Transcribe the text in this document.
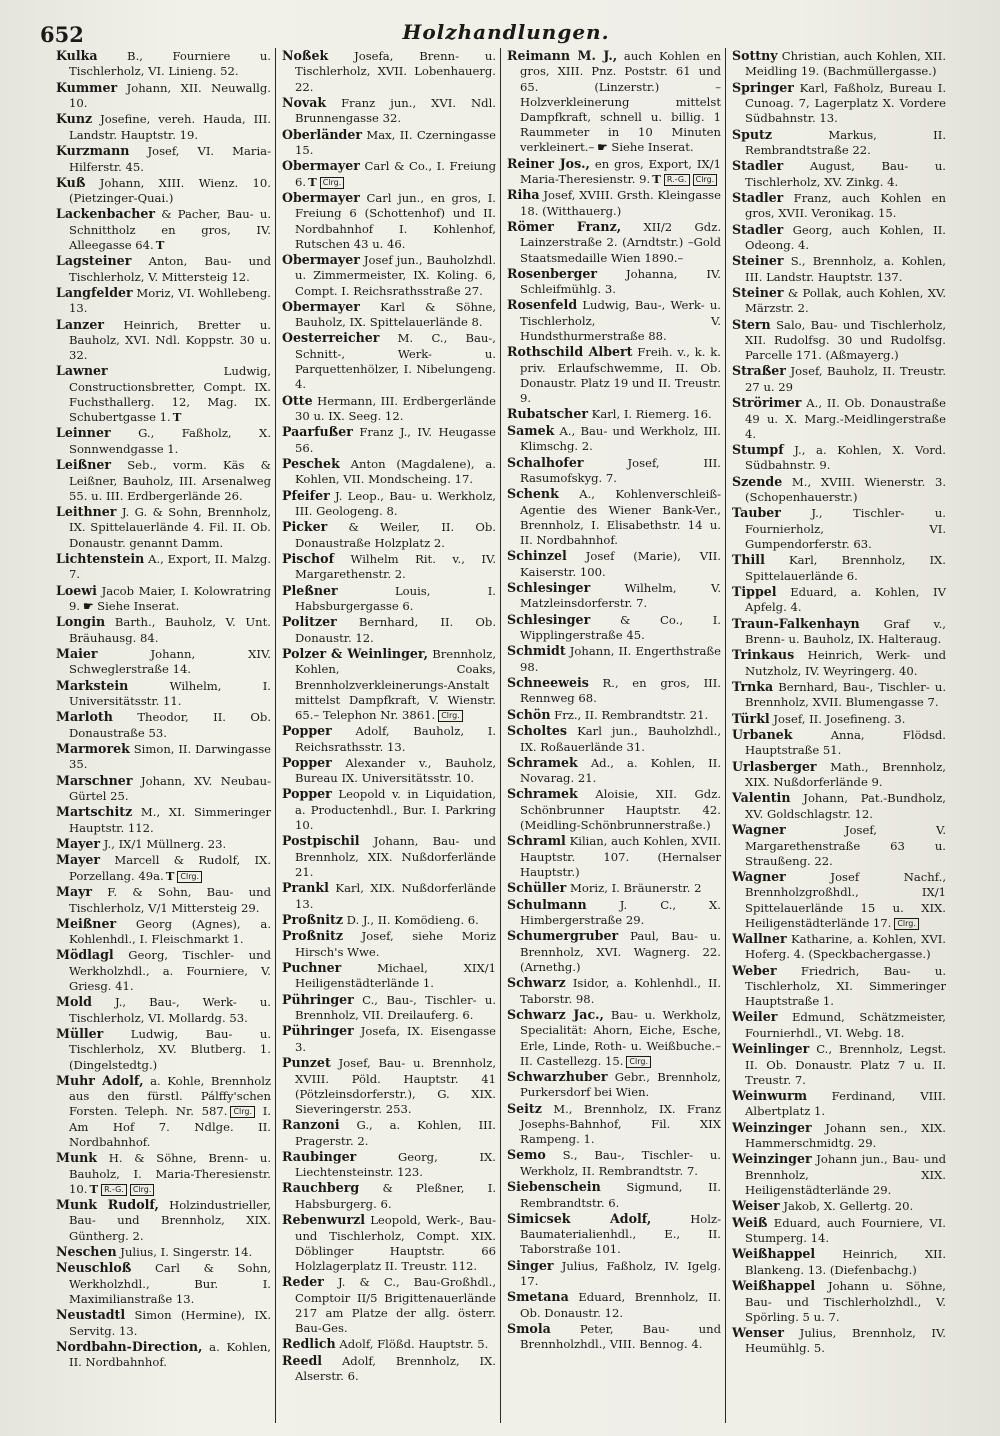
652	Holzhandlungen.
Kulka	B., Fourniere u. Tischlerholz, VI. Linieng. 52.
Kummer Johann, XII. Neuwallg. 10.
Kunz Josefine, vereh. Hauda, III. Landstr. Hauptstr. 19.
Kurzmann Josef, VI. Maria-Hilferstr. 45.
Kuß Johann, XIII. Wienz. 10. (Pietzinger-Quai.)
Lackenbacher & Pacher, Bau- u. Schnittholz en gros, IV. Alleegasse 64. T
Lagsteiner Anton, Bau- und Tischlerholz, V. Mittersteig 12.
Langfelder Moriz, VI. Wohllebeng. 13.
Lanzer Heinrich, Bretter u. Bauholz, XVI. Ndl. Koppstr. 30 u. 32.
Lawner	Ludwig, Constructionsbretter, Compt. IX. Fuchsthallerg. 12, Mag. IX. Schubertgasse 1. T
Leinner G., Faßholz, X. Sonnwendgasse 1.
Leißner Seb., vorm. Käs & Leißner, Bauholz, III. Arsenalweg 55. u. III. Erdbergerlände 26.
Leithner J. G. & Sohn, Brennholz, IX. Spittelauerlände 4. Fil. II. Ob. Donaustr. genannt Damm.
Lichtenstein A., Export, II. Malzg. 7.
Loewi Jacob Maier, I. Kolowratring 9. ☛ Siehe Inserat.
Longin Barth., Bauholz, V. Unt. Bräuhausg. 84.
Maier	Johann, XIV. Schweglerstraße 14.
Markstein	Wilhelm, I. Universitätsstr. 11.
Marloth Theodor, II. Ob. Donaustraße 53.
Marmorek Simon, II. Darwingasse 35.
Marschner Johann, XV. Neubau-Gürtel 25.
Martschitz M., XI. Simmeringer Hauptstr. 112.
Mayer J., IX/1 Müllnerg. 23.
Mayer Marcell & Rudolf, IX. Porzellang. 49a. T Clrg.
Mayr F. & Sohn, Bau- und Tischlerholz, V/1 Mittersteig 29.
Meißner Georg (Agnes), a. Kohlenhdl., I. Fleischmarkt 1.
Mödlagl Georg, Tischler- und Werkholzhdl., a. Fourniere, V. Griesg. 41.
Mold J., Bau-, Werk- u. Tischlerholz, VI. Mollardg. 53.
Müller Ludwig, Bau- u. Tischlerholz, XV. Blutberg. 1. (Dingelstedtg.)
Muhr Adolf, a. Kohle, Brennholz aus den fürstl. Pálffy'schen Forsten. Teleph. Nr. 587. Clrg. I. Am Hof 7. Ndlge. II. Nordbahnhof.
Munk H. & Söhne, Brenn- u. Bauholz, I. Maria-Theresienstr. 10. T R.-G. Clrg.
Munk Rudolf, Holzindustrieller, Bau- und Brennholz, XIX. Güntherg. 2.
Neschen Julius, I. Singerstr. 14.
Neuschloß Carl & Sohn, Werkholzhdl., Bur. I. Maximilianstraße 13.
Neustadtl Simon (Hermine), IX. Servitg. 13.
Nordbahn-Direction, a. Kohlen, II. Nordbahnhof.
Noßek Josefa, Brenn- u. Tischlerholz, XVII. Lobenhauerg. 22.
Novak Franz jun., XVI. Ndl. Brunnengasse 32.
Oberländer Max, II. Czerningasse 15.
Obermayer Carl & Co., I. Freiung 6. T Clrg.
Obermayer Carl jun., en gros, I. Freiung 6 (Schottenhof) und II. Nordbahnhof I. Kohlenhof, Rutschen 43 u. 46.
Obermayer Josef jun., Bauholzhdl. u. Zimmermeister, IX. Koling. 6, Compt. I. Reichsrathsstraße 27.
Obermayer Karl & Söhne, Bauholz, IX. Spittelauerlände 8.
Oesterreicher M. C., Bau-, Schnitt-, Werk- u. Parquettenhölzer, I. Nibelungeng. 4.
Otte Hermann, III. Erdbergerlände 30 u. IX. Seeg. 12.
Paarfußer Franz J., IV. Heugasse 56.
Peschek Anton (Magdalene), a. Kohlen, VII. Mondscheing. 17.
Pfeifer J. Leop., Bau- u. Werkholz, III. Geologeng. 8.
Picker & Weiler, II. Ob. Donaustraße Holzplatz 2.
Pischof Wilhelm Rit. v., IV. Margarethenstr. 2.
Pleßner	Louis, I. Habsburgergasse 6.
Politzer Bernhard, II. Ob. Donaustr. 12.
Polzer & Weinlinger, Brennholz, Kohlen, Coaks, Brennholzverkleinerungs-Anstalt mittelst Dampfkraft, V. Wienstr. 65.– Telephon Nr. 3861. Clrg.
Popper Adolf, Bauholz, I. Reichsrathsstr. 13.
Popper Alexander v., Bauholz, Bureau IX. Universitätsstr. 10.
Popper Leopold v. in Liquidation, a. Productenhdl., Bur. I. Parkring 10.
Postpischil Johann, Bau- und Brennholz, XIX. Nußdorferlände 21.
Prankl Karl, XIX. Nußdorferlände 13.
Proßnitz D. J., II. Komödieng. 6.
Proßnitz Josef, siehe Moriz Hirsch's Wwe.
Puchner	Michael, XIX/1 Heiligenstädterlände 1.
Pühringer C., Bau-, Tischler- u. Brennholz, VII. Dreilauferg. 6.
Pühringer Josefa, IX. Eisengasse 3.
Punzet Josef, Bau- u. Brennholz, XVIII. Pöld. Hauptstr. 41 (Pötzleinsdorferstr.), G. XIX. Sieveringerstr. 253.
Ranzoni G., a. Kohlen, III. Pragerstr. 2.
Raubinger	Georg, IX. Liechtensteinstr. 123.
Rauchberg & Pleßner, I. Habsburgerg. 6.
Rebenwurzl Leopold, Werk-, Bau- und Tischlerholz, Compt. XIX. Döblinger Hauptstr. 66 Holzlagerplatz II. Treustr. 112.
Reder J. & C., Bau-Großhdl., Comptoir II/5 Brigittenauerlände 217 am Platze der allg. österr. Bau-Ges.
Redlich Adolf, Flößd. Hauptstr. 5.
Reedl Adolf, Brennholz, IX. Alserstr. 6.
Reimann M. J., auch Kohlen en gros, XIII. Pnz. Poststr. 61 und 65. (Linzerstr.) –Holzverkleinerung mittelst Dampfkraft, schnell u. billig. 1 Raummeter in 10 Minuten verkleinert.– ☛ Siehe Inserat.
Reiner Jos., en gros, Export, IX/1 Maria-Theresienstr. 9. T R.-G. Clrg.
Riha Josef, XVIII. Grsth. Kleingasse 18. (Witthauerg.)
Römer Franz, XII/2 Gdz. Lainzerstraße 2. (Arndtstr.) –Gold Staatsmedaille Wien 1890.–
Rosenberger Johanna, IV. Schleifmühlg. 3.
Rosenfeld Ludwig, Bau-, Werk- u. Tischlerholz, V. Hundsthurmerstraße 88.
Rothschild Albert Freih. v., k. k. priv. Erlaufschwemme, II. Ob. Donaustr. Platz 19 und II. Treustr. 9.
Rubatscher Karl, I. Riemerg. 16.
Samek A., Bau- und Werkholz, III. Klimschg. 2.
Schalhofer	Josef, III. Rasumofskyg. 7.
Schenk A., Kohlenverschleiß-Agentie des Wiener Bank-Ver., Brennholz, I. Elisabethstr. 14 u. II. Nordbahnhof.
Schinzel Josef (Marie), VII. Kaiserstr. 100.
Schlesinger	Wilhelm, V. Matzleinsdorferstr. 7.
Schlesinger	& Co., I. Wipplingerstraße 45.
Schmidt Johann, II. Engerthstraße 98.
Schneeweis R., en gros, III. Rennweg 68.
Schön Frz., II. Rembrandtstr. 21.
Scholtes Karl jun., Bauholzhdl., IX. Roßauerlände 31.
Schramek Ad., a. Kohlen, II. Novarag. 21.
Schramek Aloisie, XII. Gdz. Schönbrunner Hauptstr. 42. (Meidling-Schönbrunnerstraße.)
Schraml Kilian, auch Kohlen, XVII. Hauptstr. 107. (Hernalser Hauptstr.)
Schüller Moriz, I. Bräunerstr. 2
Schulmann	J. C., X. Himbergerstraße 29.
Schumergruber Paul, Bau- u. Brennholz, XVI. Wagnerg. 22. (Arnethg.)
Schwarz Isidor, a. Kohlenhdl., II. Taborstr. 98.
Schwarz Jac., Bau- u. Werkholz, Specialität: Ahorn, Eiche, Esche, Erle, Linde, Roth- u. Weißbuche.– II. Castellezg. 15. Clrg.
Schwarzhuber Gebr., Brennholz, Purkersdorf bei Wien.
Seitz M., Brennholz, IX. Franz Josephs-Bahnhof, Fil. XIX Rampeng. 1.
Semo S., Bau-, Tischler- u. Werkholz, II. Rembrandtstr. 7.
Siebenschein Sigmund, II. Rembrandtstr. 6.
Simicsek Adolf,	Holz- Baumaterialienhdl., E., II. Taborstraße 101.
Singer Julius, Faßholz, IV. Igelg. 17.
Smetana Eduard, Brennholz, II. Ob. Donaustr. 12.
Smola	Peter, Bau- und Brennholzhdl., VIII. Bennog. 4.
Sottny Christian, auch Kohlen, XII. Meidling 19. (Bachmüllergasse.)
Springer Karl, Faßholz, Bureau I. Cunoag. 7, Lagerplatz X. Vordere Südbahnstr. 13.
Sputz	Markus, II. Rembrandtstraße 22.
Stadler August, Bau- u. Tischlerholz, XV. Zinkg. 4.
Stadler Franz, auch Kohlen en gros, XVII. Veronikag. 15.
Stadler Georg, auch Kohlen, II. Odeong. 4.
Steiner S., Brennholz, a. Kohlen, III. Landstr. Hauptstr. 137.
Steiner & Pollak, auch Kohlen, XV. Märzstr. 2.
Stern Salo, Bau- und Tischlerholz, XII. Rudolfsg. 30 und Rudolfsg. Parcelle 171. (Aßmayerg.)
Straßer Josef, Bauholz, II. Treustr. 27 u. 29
Strörimer A., II. Ob. Donaustraße 49 u. X. Marg.-Meidlingerstraße 4.
Stumpf J., a. Kohlen, X. Vord. Südbahnstr. 9.
Szende M., XVIII. Wienerstr. 3. (Schopenhauerstr.)
Tauber	J., Tischler- u. Fournierholz, VI. Gumpendorferstr. 63.
Thill Karl, Brennholz, IX. Spittelauerlände 6.
Tippel Eduard, a. Kohlen, IV Apfelg. 4.
Traun-Falkenhayn Graf v., Brenn- u. Bauholz, IX. Halteraug.
Trinkaus Heinrich, Werk- und Nutzholz, IV. Weyringerg. 40.
Trnka Bernhard, Bau-, Tischler- u. Brennholz, XVII. Blumengasse 7.
Türkl Josef, II. Josefineng. 3.
Urbanek	Anna, Flödsd. Hauptstraße 51.
Urlasberger Math., Brennholz, XIX. Nußdorferlände 9.
Valentin Johann, Pat.-Bundholz, XV. Goldschlagstr. 12.
Wagner	Josef, V. Margarethenstraße 63 u. Straußeng. 22.
Wagner	Josef Nachf., Brennholzgroßhdl., IX/1 Spittelauerlände 15 u. XIX. Heiligenstädterlände 17. Clrg.
Wallner Katharine, a. Kohlen, XVI. Hoferg. 4. (Speckbachergasse.)
Weber Friedrich, Bau- u. Tischlerholz, XI. Simmeringer Hauptstraße 1.
Weiler Edmund, Schätzmeister, Fournierhdl., VI. Webg. 18.
Weinlinger C., Brennholz, Legst. II. Ob. Donaustr. Platz 7 u. II. Treustr. 7.
Weinwurm Ferdinand, VIII. Albertplatz 1.
Weinzinger Johann sen., XIX. Hammerschmidtg. 29.
Weinzinger Johann jun., Bau- und Brennholz, XIX. Heiligenstädterlände 29.
Weiser Jakob, X. Gellertg. 20.
Weiß Eduard, auch Fourniere, VI. Stumperg. 14.
Weißhappel Heinrich, XII. Blankeng. 13. (Diefenbachg.)
Weißhappel Johann u. Söhne, Bau- und Tischlerholzhdl., V. Spörling. 5 u. 7.
Wenser Julius, Brennholz, IV. Heumühlg. 5.
